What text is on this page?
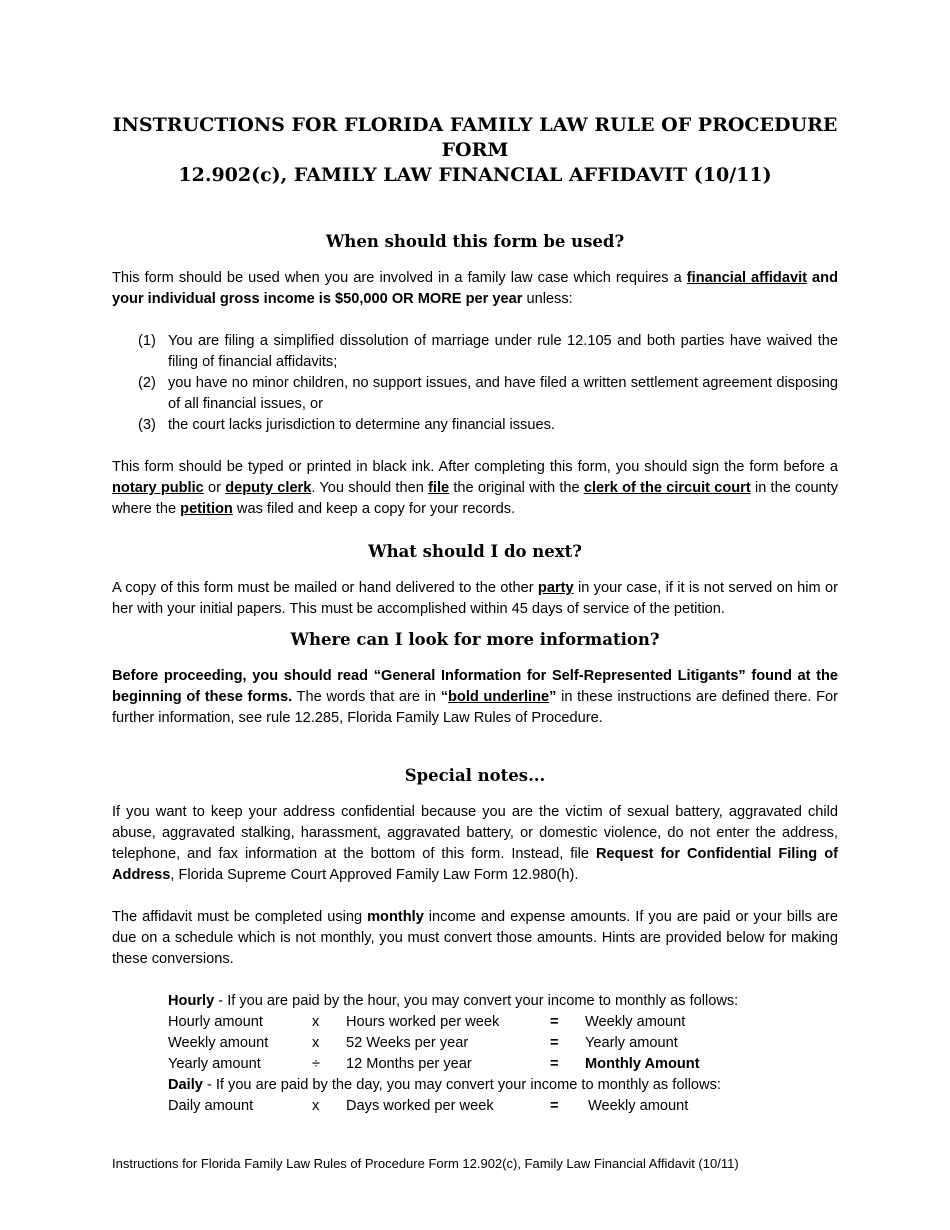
INSTRUCTIONS FOR FLORIDA FAMILY LAW RULE OF PROCEDURE FORM
12.902(c), FAMILY LAW FINANCIAL AFFIDAVIT (10/11)
When should this form be used?

This form should be used when you are involved in a family law case which requires a financial affidavit and your individual gross income is $50,000 OR MORE per year unless:

(1) You are filing a simplified dissolution of marriage under rule 12.105 and both parties have waived the filing of financial affidavits;
(2) you have no minor children, no support issues, and have filed a written settlement agreement disposing of all financial issues, or
(3) the court lacks jurisdiction to determine any financial issues.

This form should be typed or printed in black ink. After completing this form, you should sign the form before a notary public or deputy clerk. You should then file the original with the clerk of the circuit court in the county where the petition was filed and keep a copy for your records.

What should I do next?

A copy of this form must be mailed or hand delivered to the other party in your case, if it is not served on him or her with your initial papers. This must be accomplished within 45 days of service of the petition.

Where can I look for more information?

Before proceeding, you should read “General Information for Self-Represented Litigants” found at the beginning of these forms. The words that are in “bold underline” in these instructions are defined there. For further information, see rule 12.285, Florida Family Law Rules of Procedure.

Special notes...

If you want to keep your address confidential because you are the victim of sexual battery, aggravated child abuse, aggravated stalking, harassment, aggravated battery, or domestic violence, do not enter the address, telephone, and fax information at the bottom of this form. Instead, file Request for Confidential Filing of Address, Florida Supreme Court Approved Family Law Form 12.980(h).

The affidavit must be completed using monthly income and expense amounts. If you are paid or your bills are due on a schedule which is not monthly, you must convert those amounts. Hints are provided below for making these conversions.

Hourly - If you are paid by the hour, you may convert your income to monthly as follows:
Hourly amount	x Hours worked per week	= Weekly amount
Weekly amount	x 52 Weeks per year	= Yearly amount
Yearly amount	÷ 12 Months per year	= Monthly Amount
Daily - If you are paid by the day, you may convert your income to monthly as follows:
Daily amount	x Days worked per week	= Weekly amount
Instructions for Florida Family Law Rules of Procedure Form 12.902(c), Family Law Financial Affidavit (10/11)
